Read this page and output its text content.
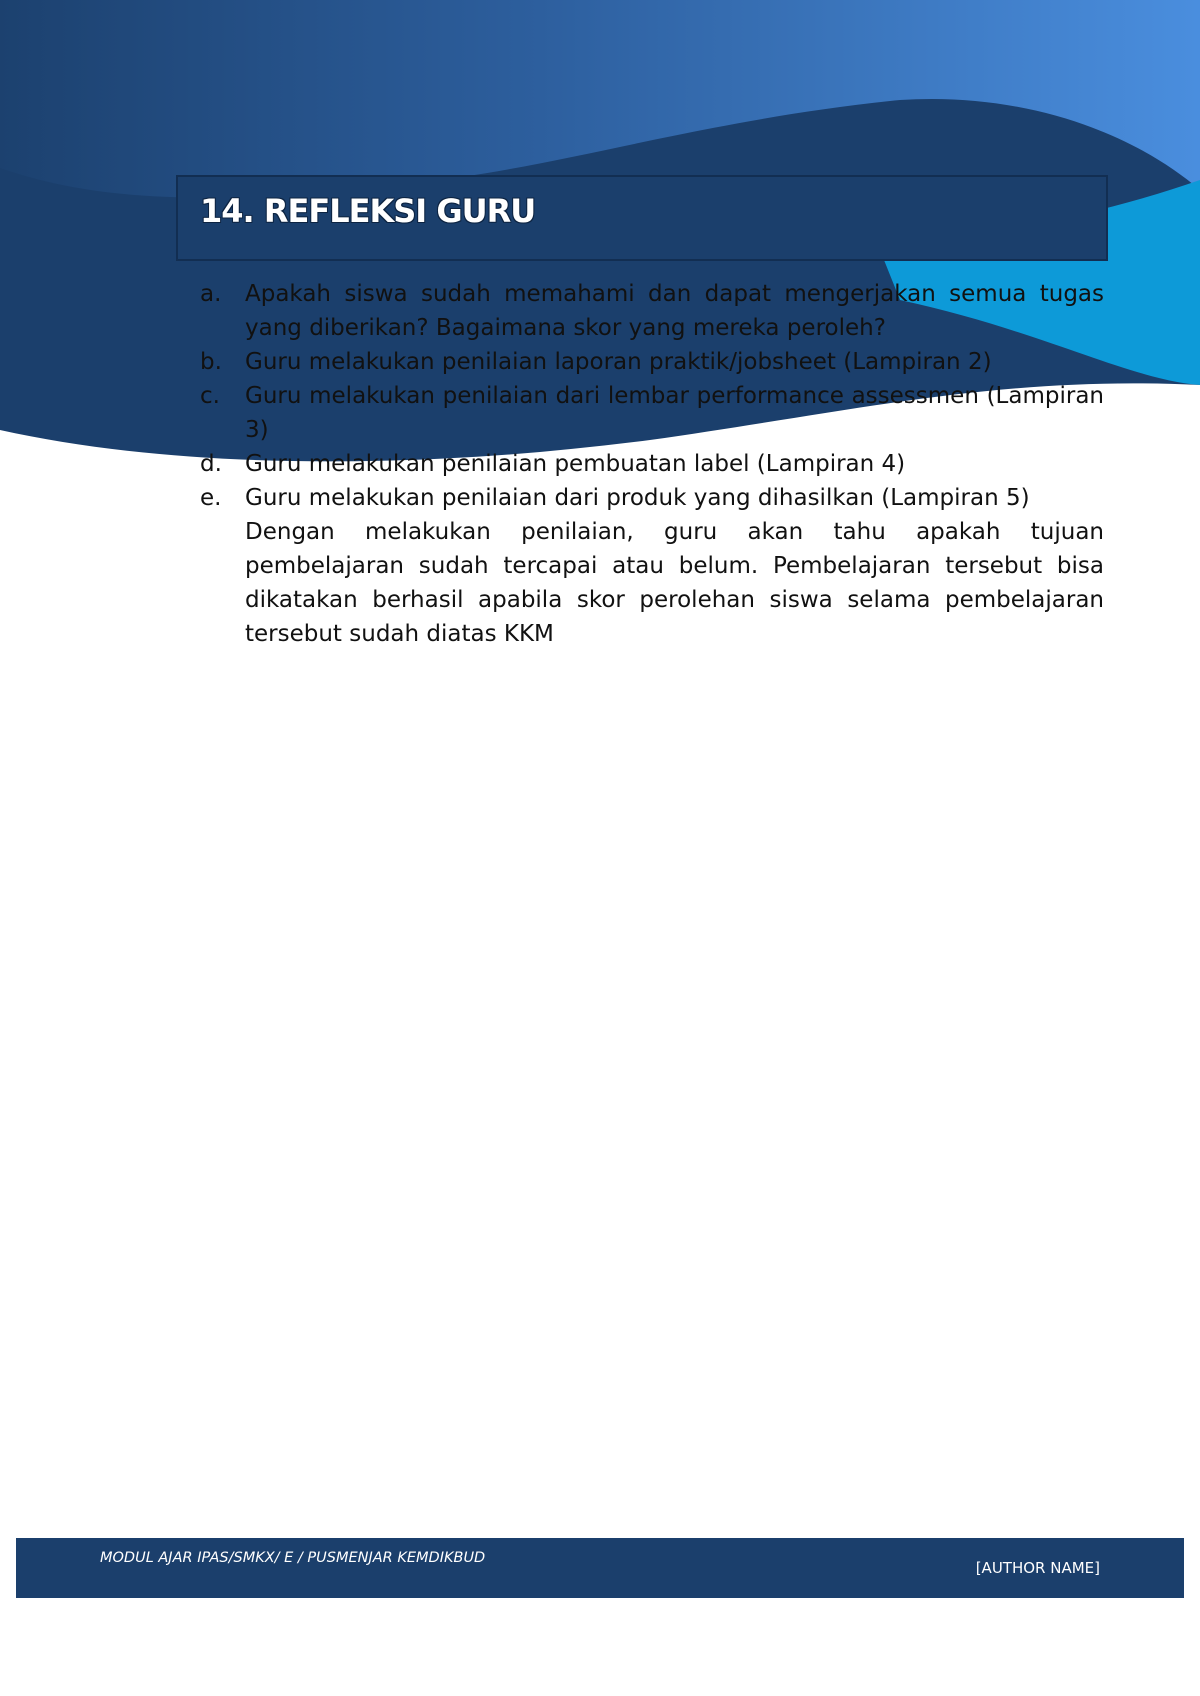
14. REFLEKSI GURU
a.	Apakah siswa sudah memahami dan dapat mengerjakan semua tugas yang diberikan? Bagaimana skor yang mereka peroleh?
b.	Guru melakukan penilaian laporan praktik/jobsheet (Lampiran 2)
c.	Guru melakukan penilaian dari lembar performance assessmen (Lampiran 3)
d.	Guru melakukan penilaian pembuatan label (Lampiran 4)
e.	Guru melakukan penilaian dari produk yang dihasilkan (Lampiran 5)
Dengan melakukan penilaian, guru akan tahu apakah tujuan pembelajaran sudah tercapai atau belum. Pembelajaran tersebut bisa dikatakan berhasil apabila skor perolehan siswa selama pembelajaran tersebut sudah diatas KKM
MODUL AJAR IPAS/SMKX/ E / PUSMENJAR KEMDIKBUD
[AUTHOR NAME]
